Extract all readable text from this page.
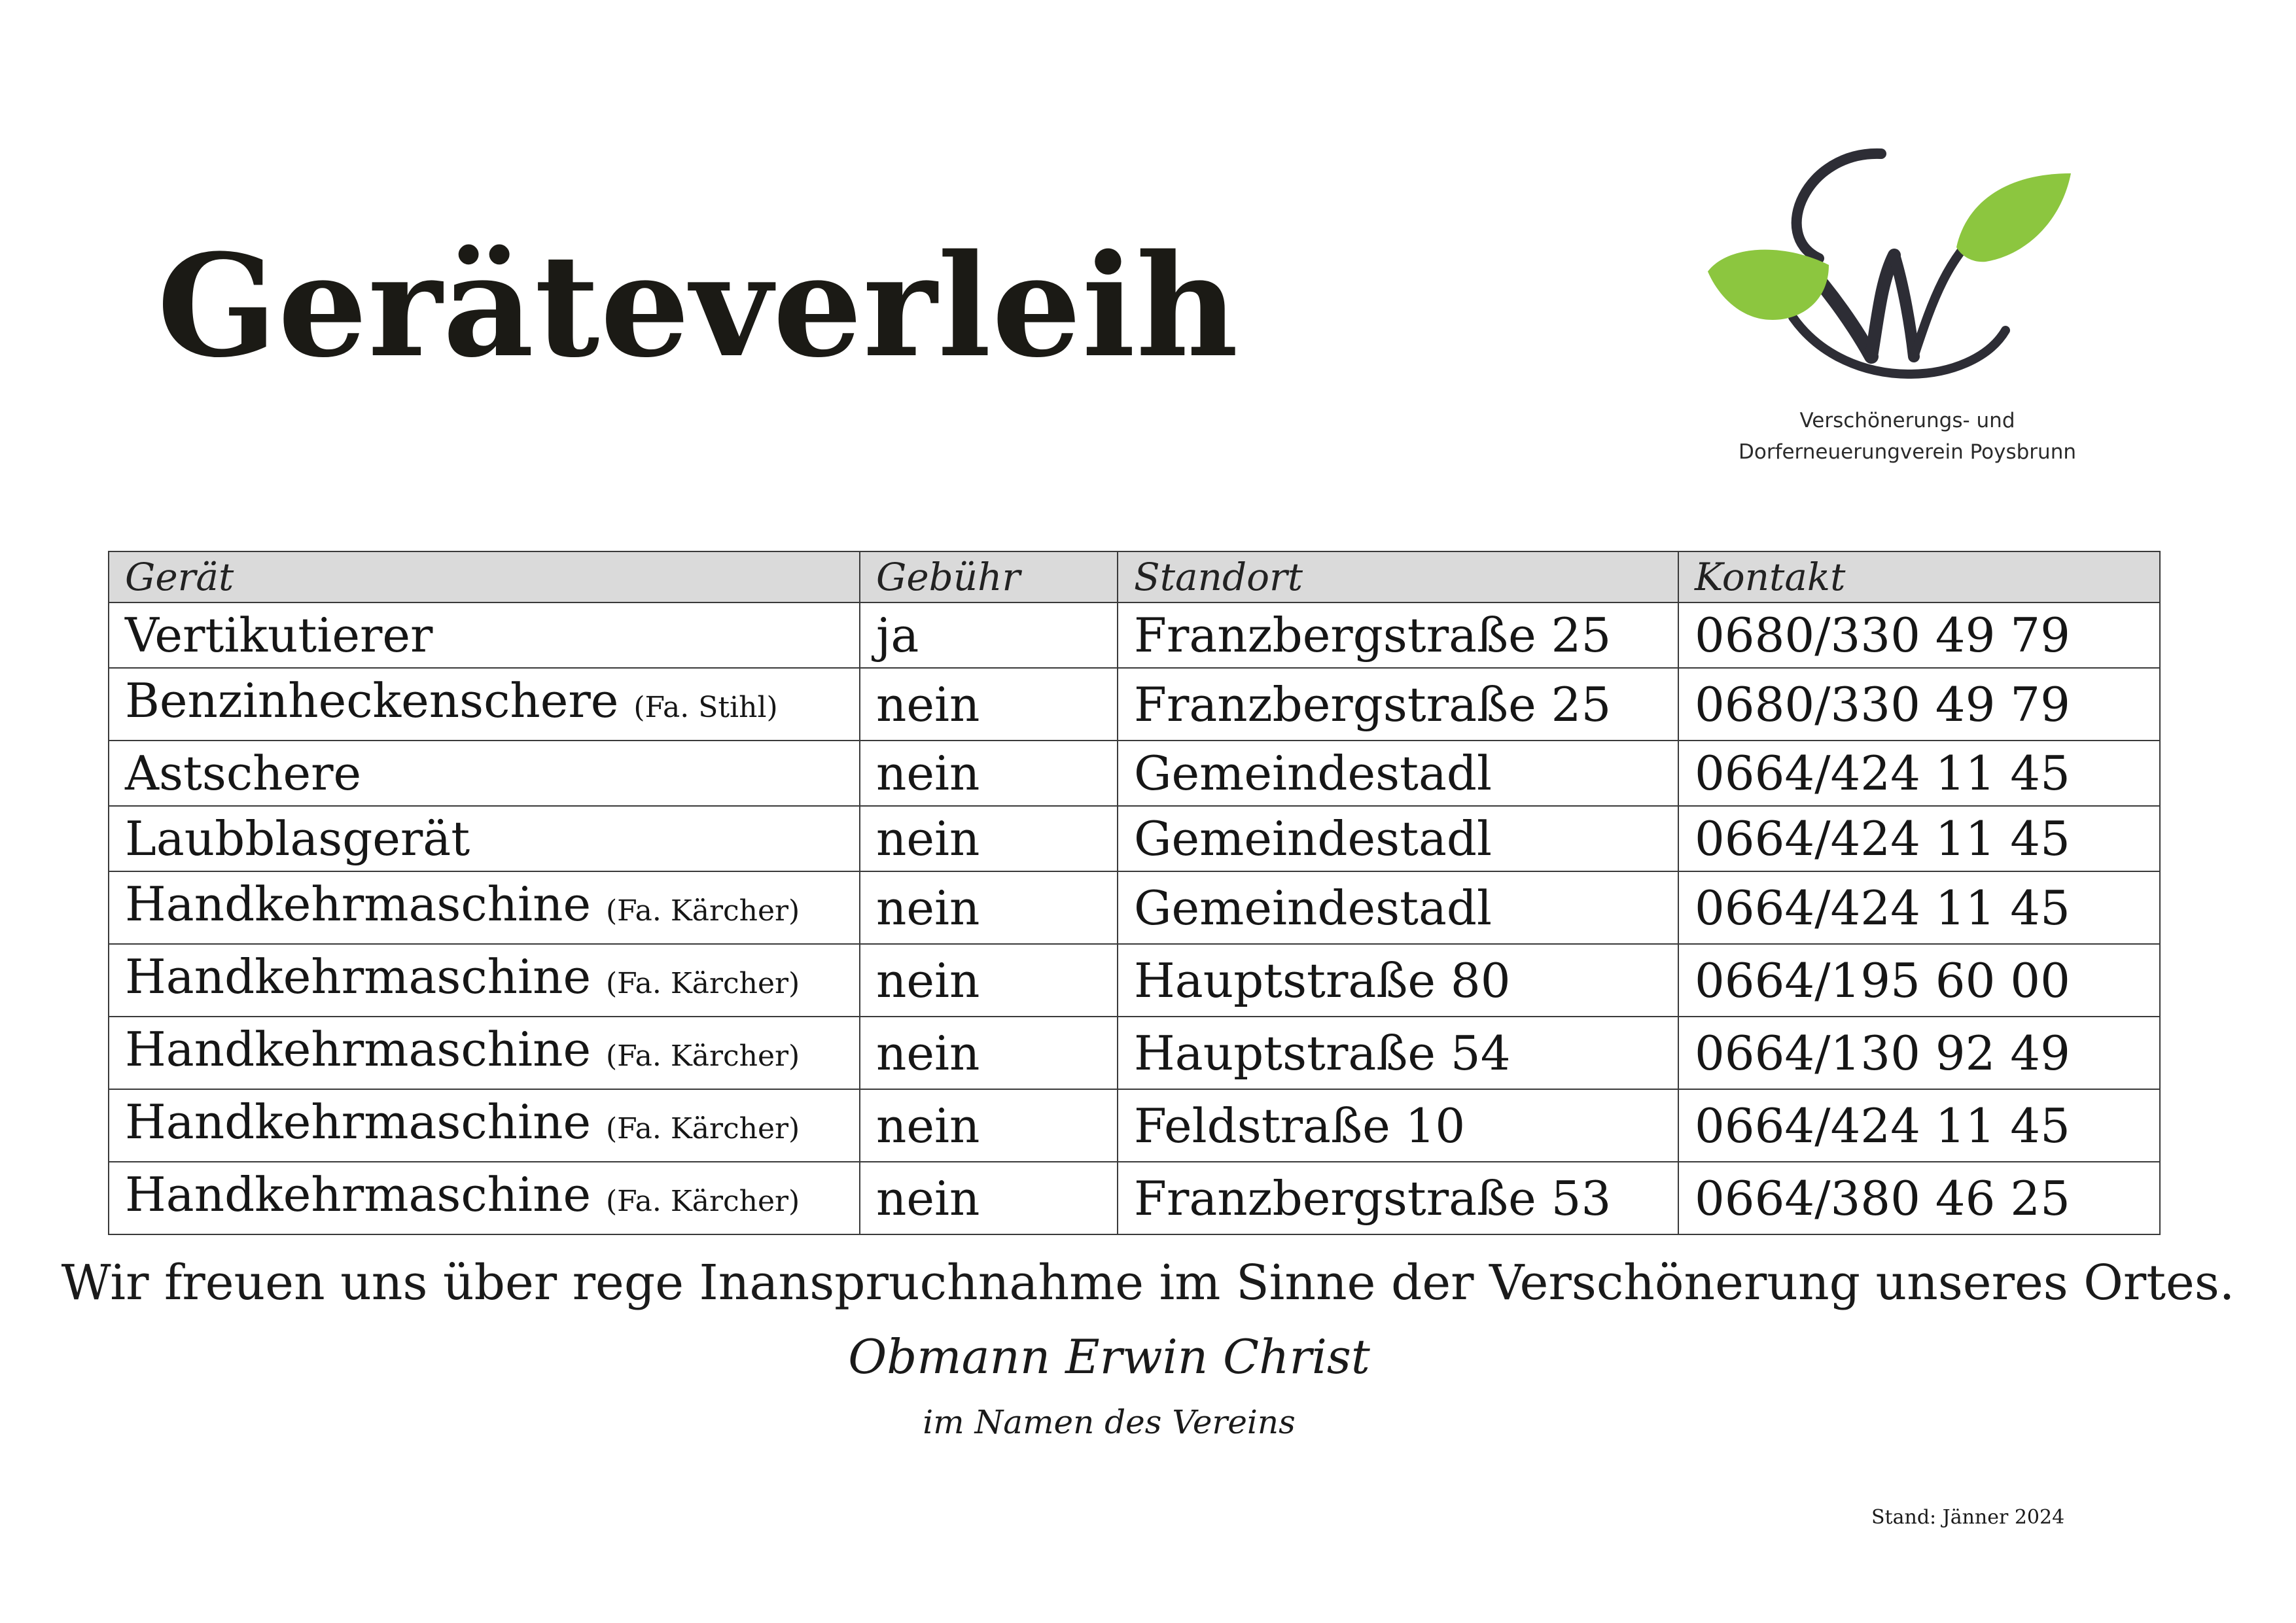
Geräteverleih
Verschönerungs- und
Dorferneuerungverein Poysbrunn
Gerät	Gebühr	Standort	Kontakt
Vertikutierer	ja	Franzbergstraße 25	0680/330 49 79
Benzinheckenschere (Fa. Stihl)	nein	Franzbergstraße 25	0680/330 49 79
Astschere	nein	Gemeindestadl	0664/424 11 45
Laubblasgerät	nein	Gemeindestadl	0664/424 11 45
Handkehrmaschine (Fa. Kärcher)	nein	Gemeindestadl	0664/424 11 45
Handkehrmaschine (Fa. Kärcher)	nein	Hauptstraße 80	0664/195 60 00
Handkehrmaschine (Fa. Kärcher)	nein	Hauptstraße 54	0664/130 92 49
Handkehrmaschine (Fa. Kärcher)	nein	Feldstraße 10	0664/424 11 45
Handkehrmaschine (Fa. Kärcher)	nein	Franzbergstraße 53	0664/380 46 25
Wir freuen uns über rege Inanspruchnahme im Sinne der Verschönerung unseres Ortes.
Obmann Erwin Christ
im Namen des Vereins
Stand: Jänner 2024
